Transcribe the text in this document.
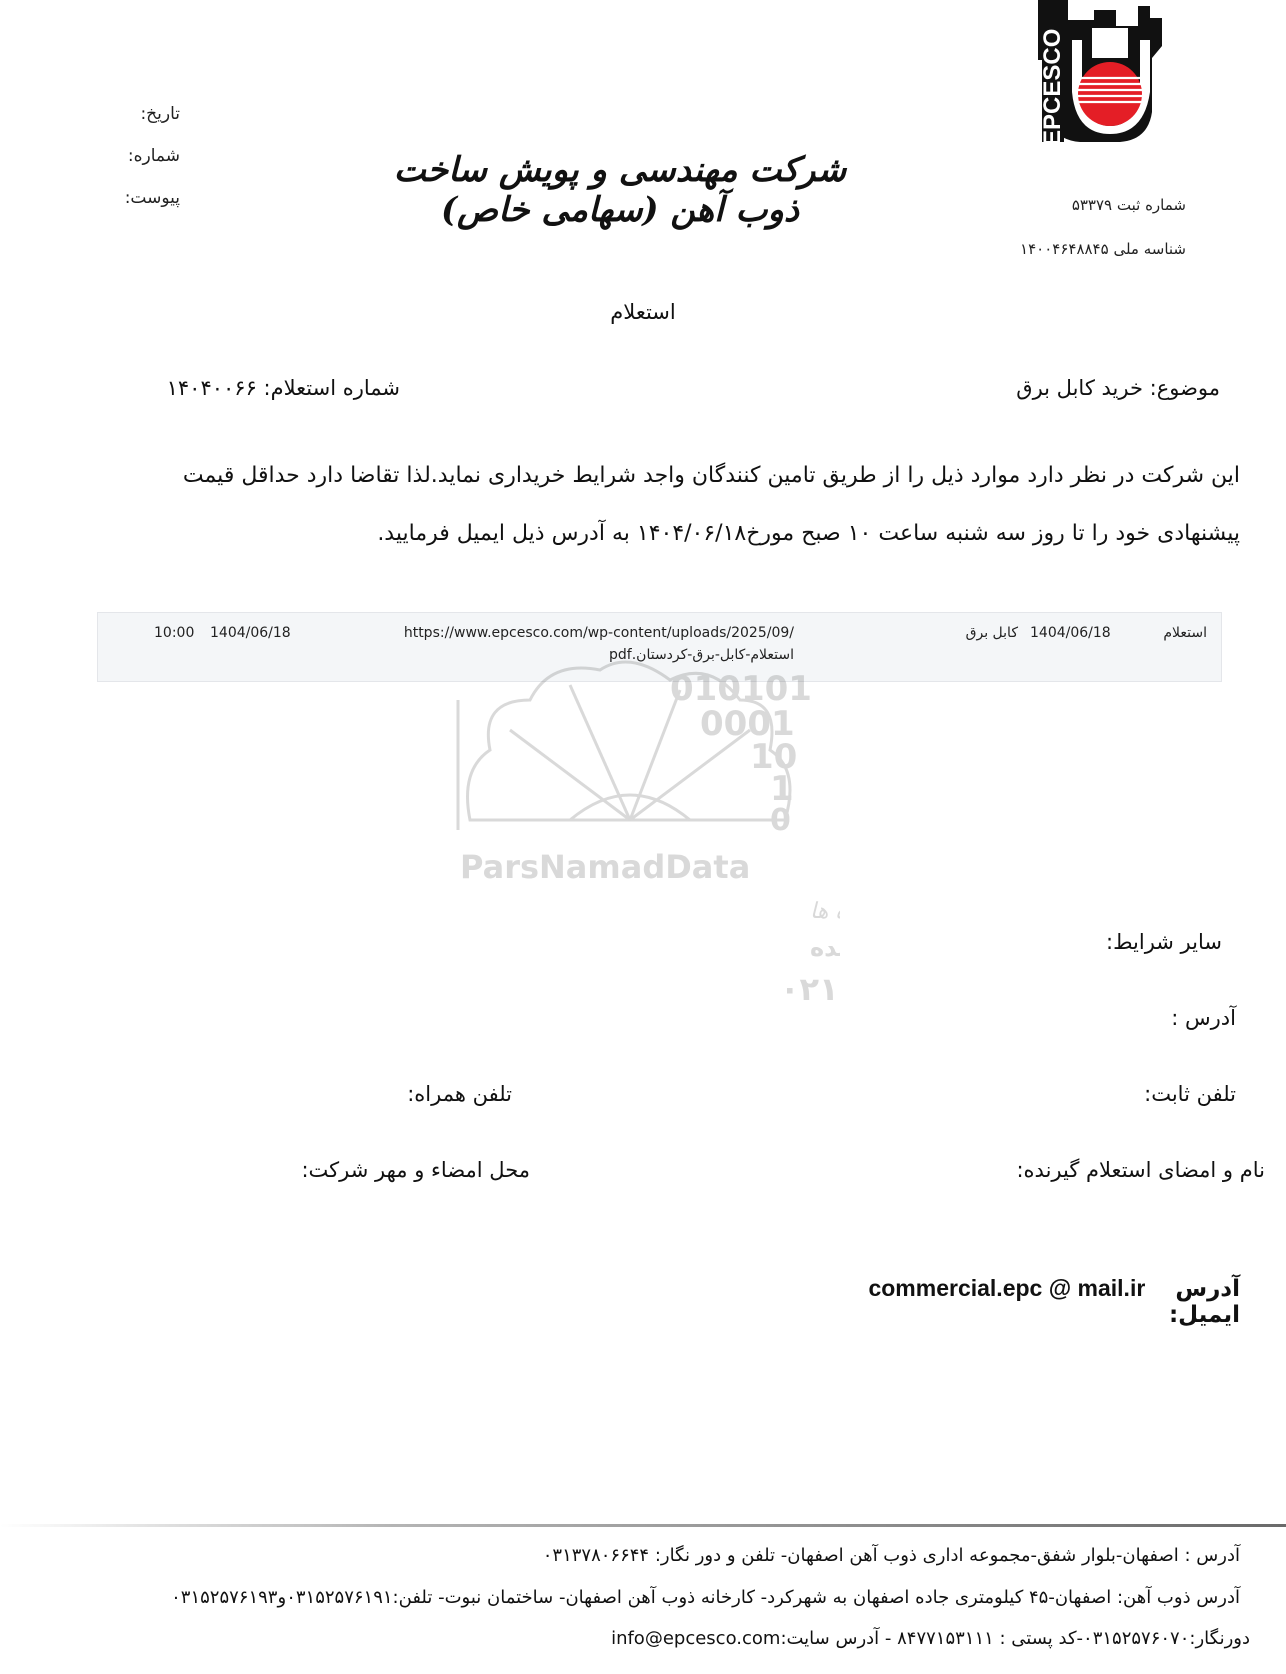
EPCESCO
تاریخ:
شماره:
پیوست:
شرکت مهندسی و پویش ساخت ذوب آهن (سهامی خاص)	شماره ثبت ۵۳۳۷۹
شناسه ملی ۱۴۰۰۴۶۴۸۸۴۵
استعلام
موضوع: خرید کابل برق
شماره استعلام: ۱۴۰۴۰۰۶۶
این شرکت در نظر دارد موارد ذیل را از طریق تامین کنندگان واجد شرایط خریداری نماید.لذا تقاضا دارد حداقل قیمت
پیشنهادی خود را تا روز سه شنبه ساعت ۱۰ صبح مورخ۱۴۰۴/۰۶/۱۸ به آدرس ذیل ایمیل فرمایید.
استعلام
1404/06/18
کابل برق
https://www.epcesco.com/wp-content/uploads/2025/09/
استعلام-کابل-برق-کردستان.pdf
1404/06/18
10:00
010101
0001
10
1
0
ParsNamadData
ها
ده
۰۲۱
سایر شرایط:
آدرس :
تلفن ثابت:
تلفن همراه:
نام و امضای استعلام گیرنده:
محل امضاء و مهر شرکت:
commercial.epc @ mail.ir آدرس ایمیل:
آدرس : اصفهان-بلوار شفق-مجموعه اداری ذوب آهن اصفهان- تلفن و دور نگار: ۰۳۱۳۷۸۰۶۶۴۴
آدرس ذوب آهن: اصفهان-۴۵ کیلومتری جاده اصفهان به شهرکرد- کارخانه ذوب آهن اصفهان- ساختمان نبوت- تلفن:۰۳۱۵۲۵۷۶۱۹۱و۰۳۱۵۲۵۷۶۱۹۳
دورنگار:۰۳۱۵۲۵۷۶۰۷۰-کد پستی : ۸۴۷۷۱۵۳۱۱۱ - آدرس سایت:info@epcesco.com
